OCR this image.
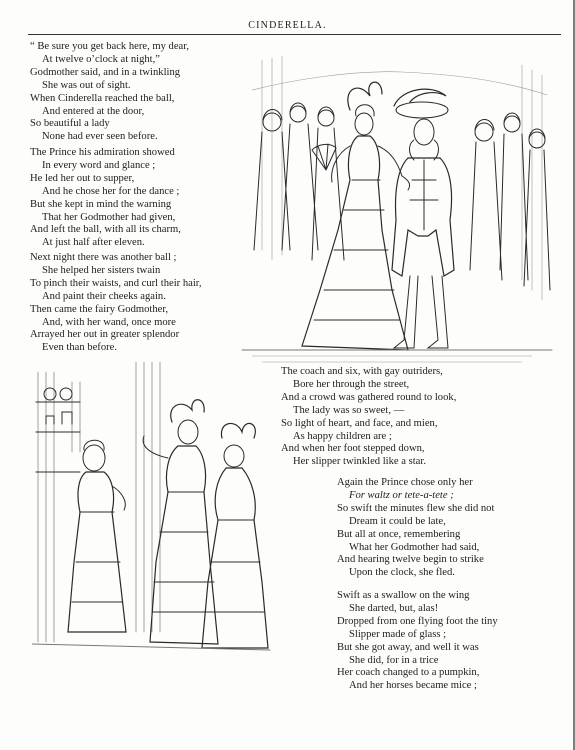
CINDERELLA.
“ Be sure you get back here, my dear,
At twelve o’clock at night,”
Godmother said, and in a twinkling
She was out of sight.
When Cinderella reached the ball,
And entered at the door,
So beautiful a lady
None had ever seen before.
The Prince his admiration showed
In every word and glance ;
He led her out to supper,
And he chose her for the dance ;
But she kept in mind the warning
That her Godmother had given,
And left the ball, with all its charm,
At just half after eleven.
Next night there was another ball ;
She helped her sisters twain
To pinch their waists, and curl their hair,
And paint their cheeks again.
Then came the fairy Godmother,
And, with her wand, once more
Arrayed her out in greater splendor
Even than before.
The coach and six, with gay outriders,
Bore her through the street,
And a crowd was gathered round to look,
The lady was so sweet, —
So light of heart, and face, and mien,
As happy children are ;
And when her foot stepped down,
Her slipper twinkled like a star.
Again the Prince chose only her
For waltz or tete-a-tete ;
So swift the minutes flew she did not
Dream it could be late,
But all at once, remembering
What her Godmother had said,
And hearing twelve begin to strike
Upon the clock, she fled.
Swift as a swallow on the wing
She darted, but, alas!
Dropped from one flying foot the tiny
Slipper made of glass ;
But she got away, and well it was
She did, for in a trice
Her coach changed to a pumpkin,
And her horses became mice ;
